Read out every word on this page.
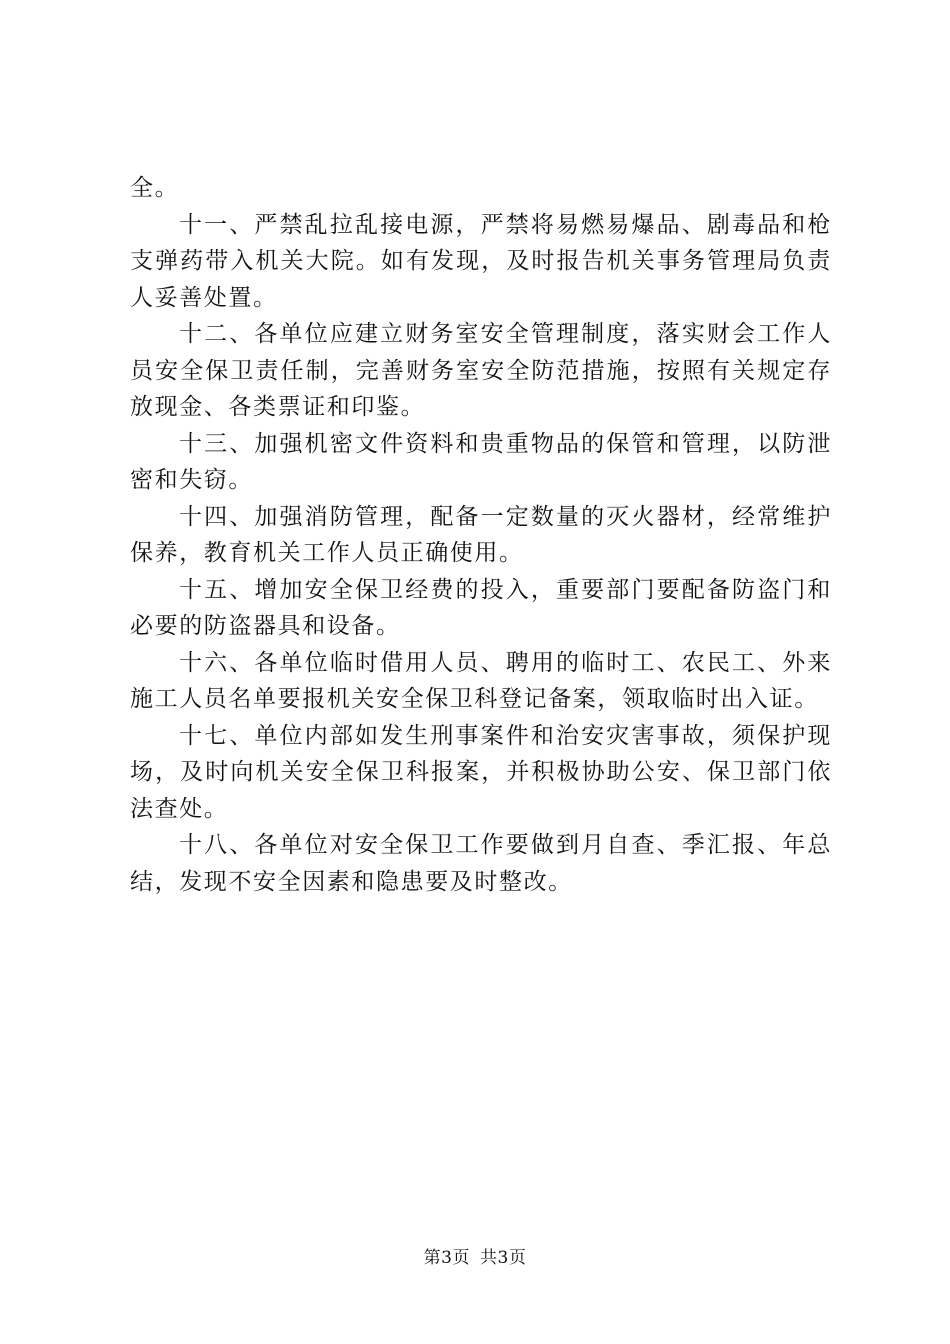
全。

十一、严禁乱拉乱接电源，严禁将易燃易爆品、剧毒品和枪支弹药带入机关大院。如有发现，及时报告机关事务管理局负责人妥善处置。

十二、各单位应建立财务室安全管理制度，落实财会工作人员安全保卫责任制，完善财务室安全防范措施，按照有关规定存放现金、各类票证和印鉴。

十三、加强机密文件资料和贵重物品的保管和管理，以防泄密和失窃。

十四、加强消防管理，配备一定数量的灭火器材，经常维护保养，教育机关工作人员正确使用。

十五、增加安全保卫经费的投入，重要部门要配备防盗门和必要的防盗器具和设备。

十六、各单位临时借用人员、聘用的临时工、农民工、外来施工人员名单要报机关安全保卫科登记备案，领取临时出入证。

十七、单位内部如发生刑事案件和治安灾害事故，须保护现场，及时向机关安全保卫科报案，并积极协助公安、保卫部门依法查处。

十八、各单位对安全保卫工作要做到月自查、季汇报、年总结，发现不安全因素和隐患要及时整改。

第3页 共3页
